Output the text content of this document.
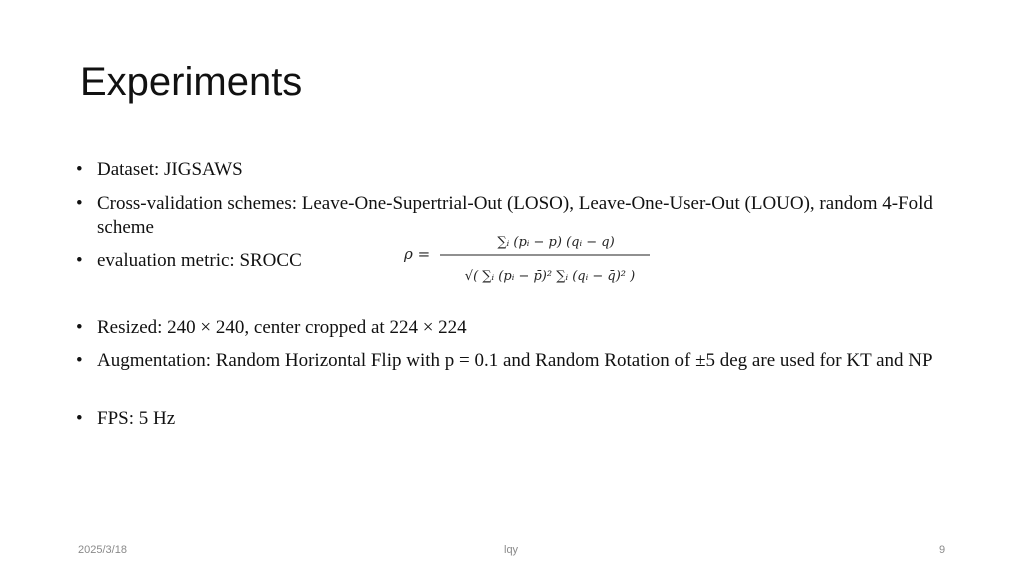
Experiments
• Dataset: JIGSAWS
• Cross-validation schemes: Leave-One-Supertrial-Out (LOSO), Leave-One-User-Out (LOUO), random 4-Fold scheme
• evaluation metric: SROCC	ρ =
∑ᵢ (pᵢ − p) (qᵢ − q)
√( ∑ᵢ (pᵢ − p̄)² ∑ᵢ (qᵢ − q̄)² )
• Resized: 240 × 240, center cropped at 224 × 224
• Augmentation: Random Horizontal Flip with p = 0.1 and Random Rotation of ±5 deg are used for KT and NP
• FPS: 5 Hz
2025/3/18	lqy	9
